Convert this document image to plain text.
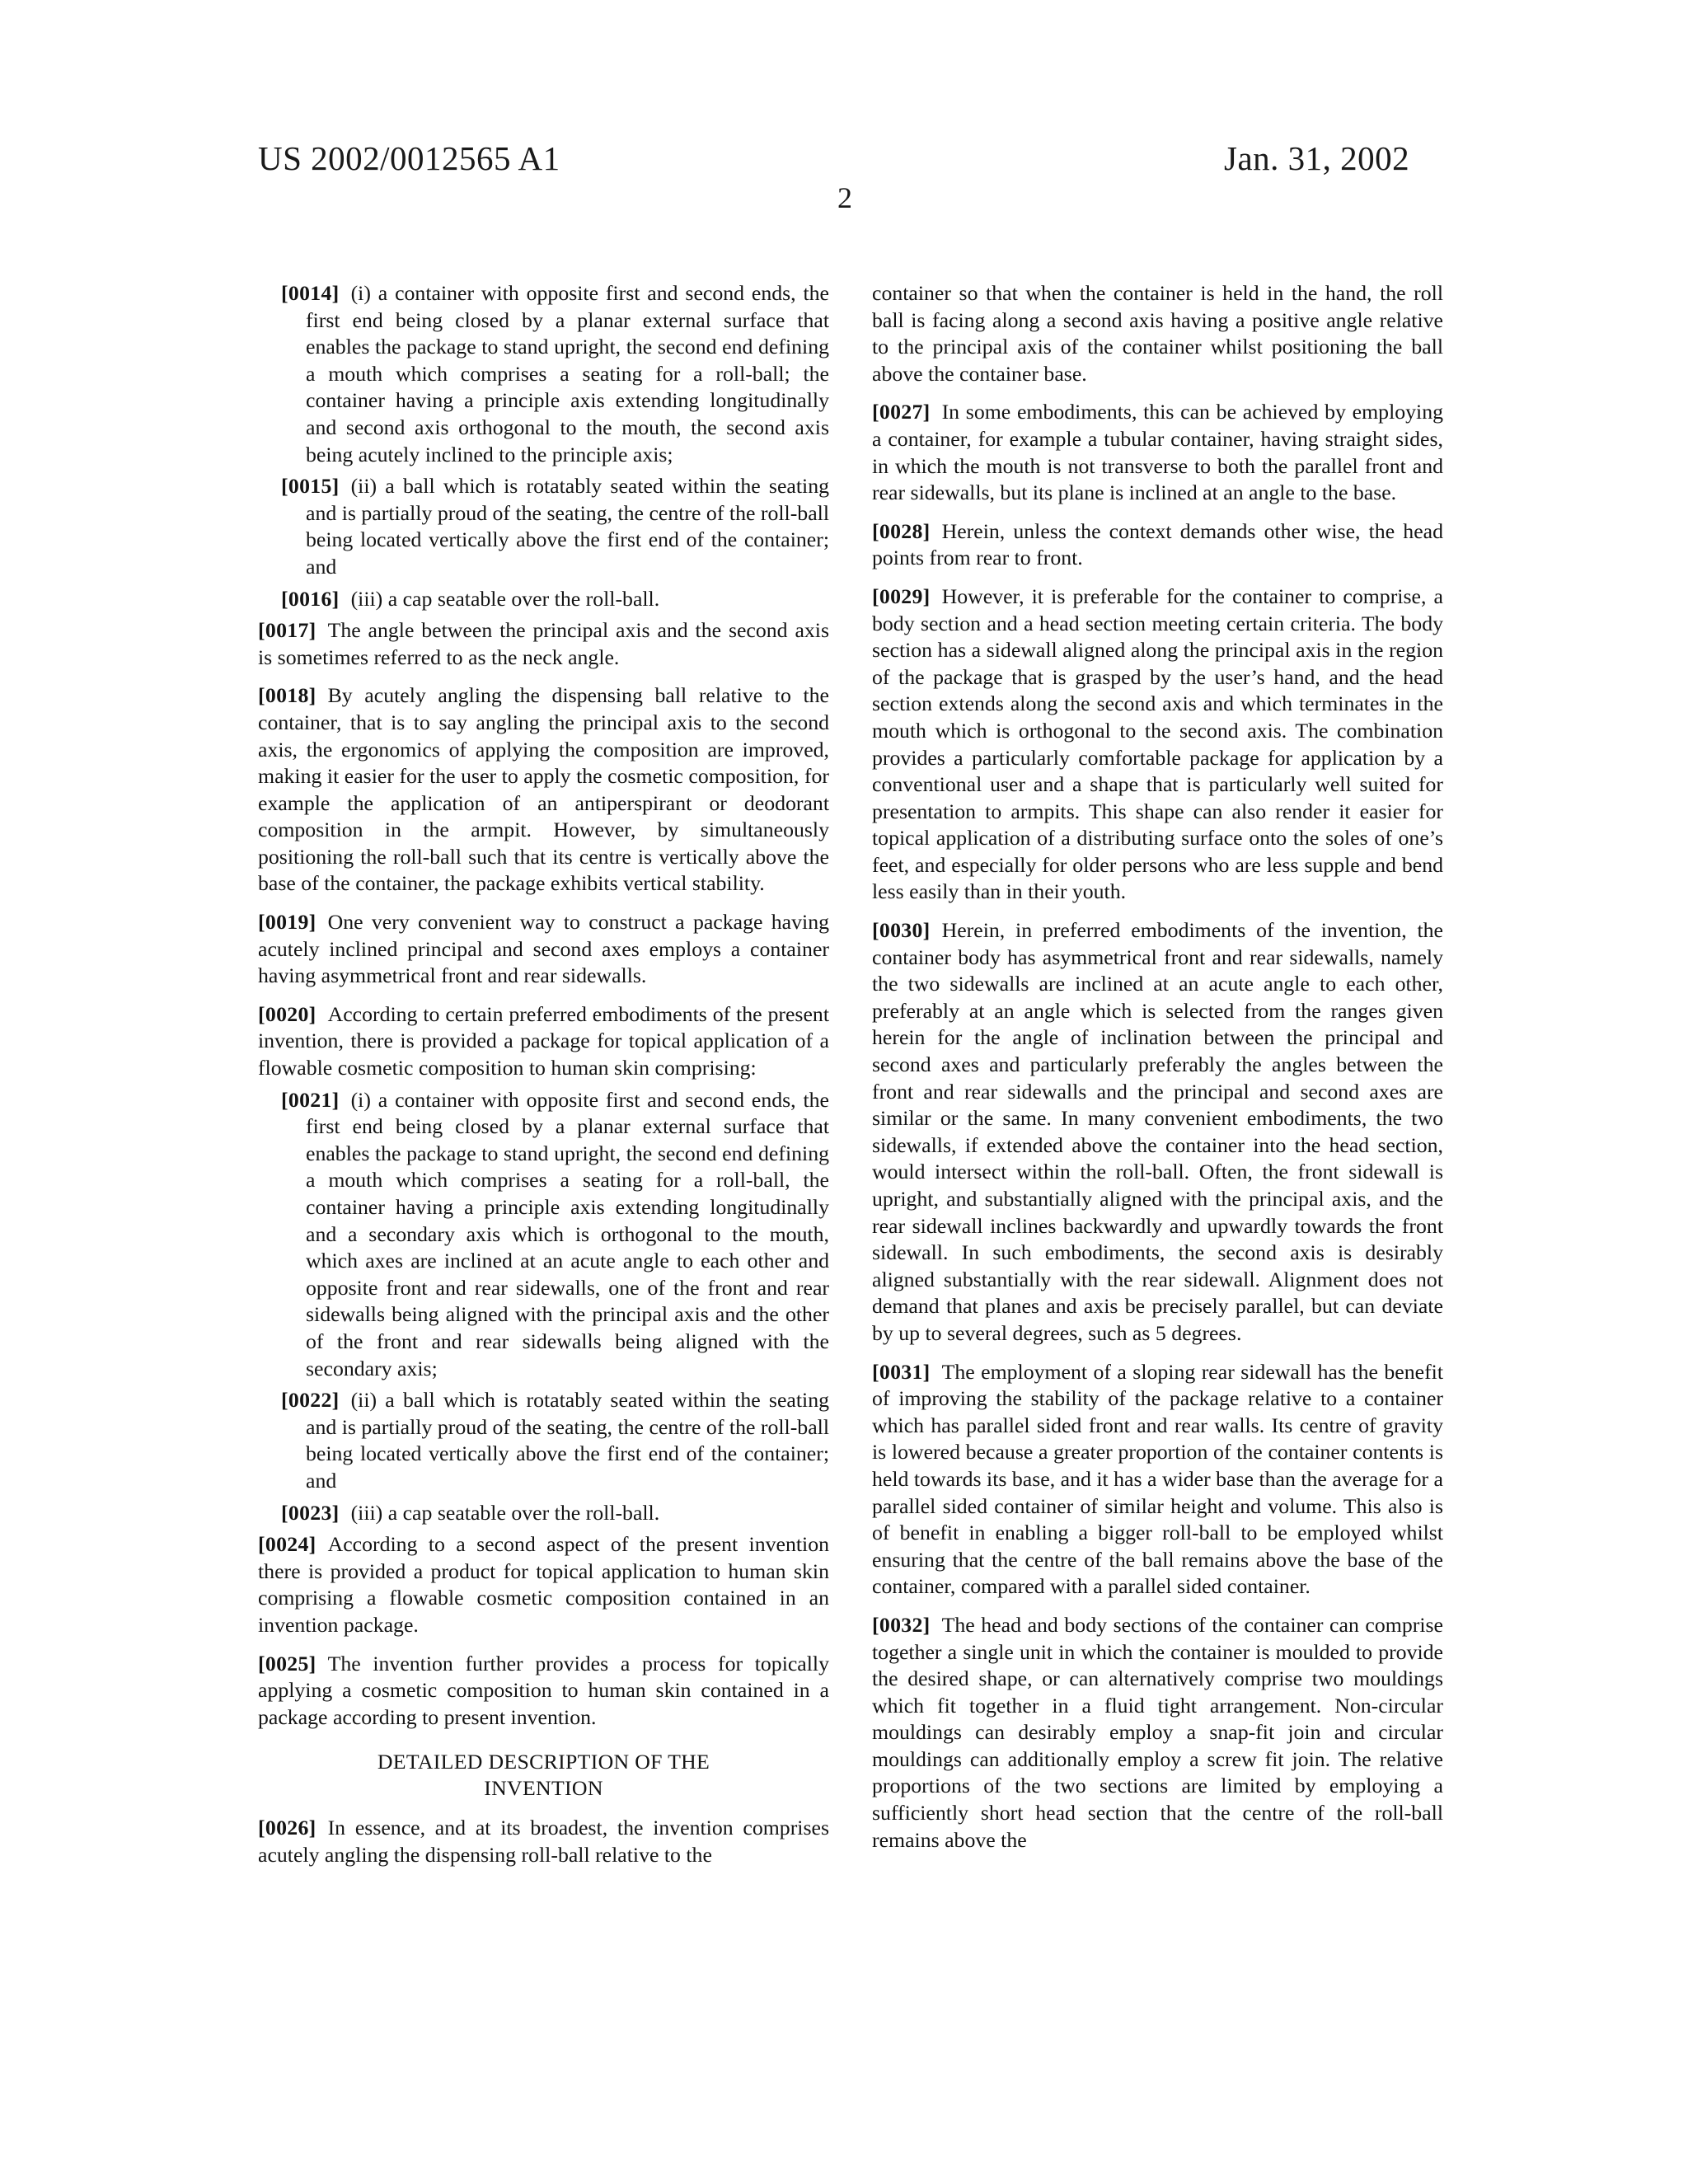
US 2002/0012565 A1	Jan. 31, 2002
2

[0014] (i) a container with opposite first and second ends, the first end being closed by a planar external surface that enables the package to stand upright, the second end defining a mouth which comprises a seating for a roll-ball; the container having a principle axis extending longitudinally and second axis orthogonal to the mouth, the second axis being acutely inclined to the principle axis;

[0015] (ii) a ball which is rotatably seated within the seating and is partially proud of the seating, the centre of the roll-ball being located vertically above the first end of the container; and

[0016] (iii) a cap seatable over the roll-ball.

[0017] The angle between the principal axis and the second axis is sometimes referred to as the neck angle.

[0018] By acutely angling the dispensing ball relative to the container, that is to say angling the principal axis to the second axis, the ergonomics of applying the composition are improved, making it easier for the user to apply the cosmetic composition, for example the application of an antiperspirant or deodorant composition in the armpit. However, by simultaneously positioning the roll-ball such that its centre is vertically above the base of the container, the package exhibits vertical stability.

[0019] One very convenient way to construct a package having acutely inclined principal and second axes employs a container having asymmetrical front and rear sidewalls.

[0020] According to certain preferred embodiments of the present invention, there is provided a package for topical application of a flowable cosmetic composition to human skin comprising:

[0021] (i) a container with opposite first and second ends, the first end being closed by a planar external surface that enables the package to stand upright, the second end defining a mouth which comprises a seating for a roll-ball, the container having a principle axis extending longitudinally and a secondary axis which is orthogonal to the mouth, which axes are inclined at an acute angle to each other and opposite front and rear sidewalls, one of the front and rear sidewalls being aligned with the principal axis and the other of the front and rear sidewalls being aligned with the secondary axis;

[0022] (ii) a ball which is rotatably seated within the seating and is partially proud of the seating, the centre of the roll-ball being located vertically above the first end of the container; and

[0023] (iii) a cap seatable over the roll-ball.

[0024] According to a second aspect of the present invention there is provided a product for topical application to human skin comprising a flowable cosmetic composition contained in an invention package.

[0025] The invention further provides a process for topically applying a cosmetic composition to human skin contained in a package according to present invention.

DETAILED DESCRIPTION OF THE
INVENTION

[0026] In essence, and at its broadest, the invention comprises acutely angling the dispensing roll-ball relative to the

container so that when the container is held in the hand, the roll ball is facing along a second axis having a positive angle relative to the principal axis of the container whilst positioning the ball above the container base.

[0027] In some embodiments, this can be achieved by employing a container, for example a tubular container, having straight sides, in which the mouth is not transverse to both the parallel front and rear sidewalls, but its plane is inclined at an angle to the base.

[0028] Herein, unless the context demands other wise, the head points from rear to front.

[0029] However, it is preferable for the container to comprise, a body section and a head section meeting certain criteria. The body section has a sidewall aligned along the principal axis in the region of the package that is grasped by the user’s hand, and the head section extends along the second axis and which terminates in the mouth which is orthogonal to the second axis. The combination provides a particularly comfortable package for application by a conventional user and a shape that is particularly well suited for presentation to armpits. This shape can also render it easier for topical application of a distributing surface onto the soles of one’s feet, and especially for older persons who are less supple and bend less easily than in their youth.

[0030] Herein, in preferred embodiments of the invention, the container body has asymmetrical front and rear sidewalls, namely the two sidewalls are inclined at an acute angle to each other, preferably at an angle which is selected from the ranges given herein for the angle of inclination between the principal and second axes and particularly preferably the angles between the front and rear sidewalls and the principal and second axes are similar or the same. In many convenient embodiments, the two sidewalls, if extended above the container into the head section, would intersect within the roll-ball. Often, the front sidewall is upright, and substantially aligned with the principal axis, and the rear sidewall inclines backwardly and upwardly towards the front sidewall. In such embodiments, the second axis is desirably aligned substantially with the rear sidewall. Alignment does not demand that planes and axis be precisely parallel, but can deviate by up to several degrees, such as 5 degrees.

[0031] The employment of a sloping rear sidewall has the benefit of improving the stability of the package relative to a container which has parallel sided front and rear walls. Its centre of gravity is lowered because a greater proportion of the container contents is held towards its base, and it has a wider base than the average for a parallel sided container of similar height and volume. This also is of benefit in enabling a bigger roll-ball to be employed whilst ensuring that the centre of the ball remains above the base of the container, compared with a parallel sided container.

[0032] The head and body sections of the container can comprise together a single unit in which the container is moulded to provide the desired shape, or can alternatively comprise two mouldings which fit together in a fluid tight arrangement. Non-circular mouldings can desirably employ a snap-fit join and circular mouldings can additionally employ a screw fit join. The relative proportions of the two sections are limited by employing a sufficiently short head section that the centre of the roll-ball remains above the
